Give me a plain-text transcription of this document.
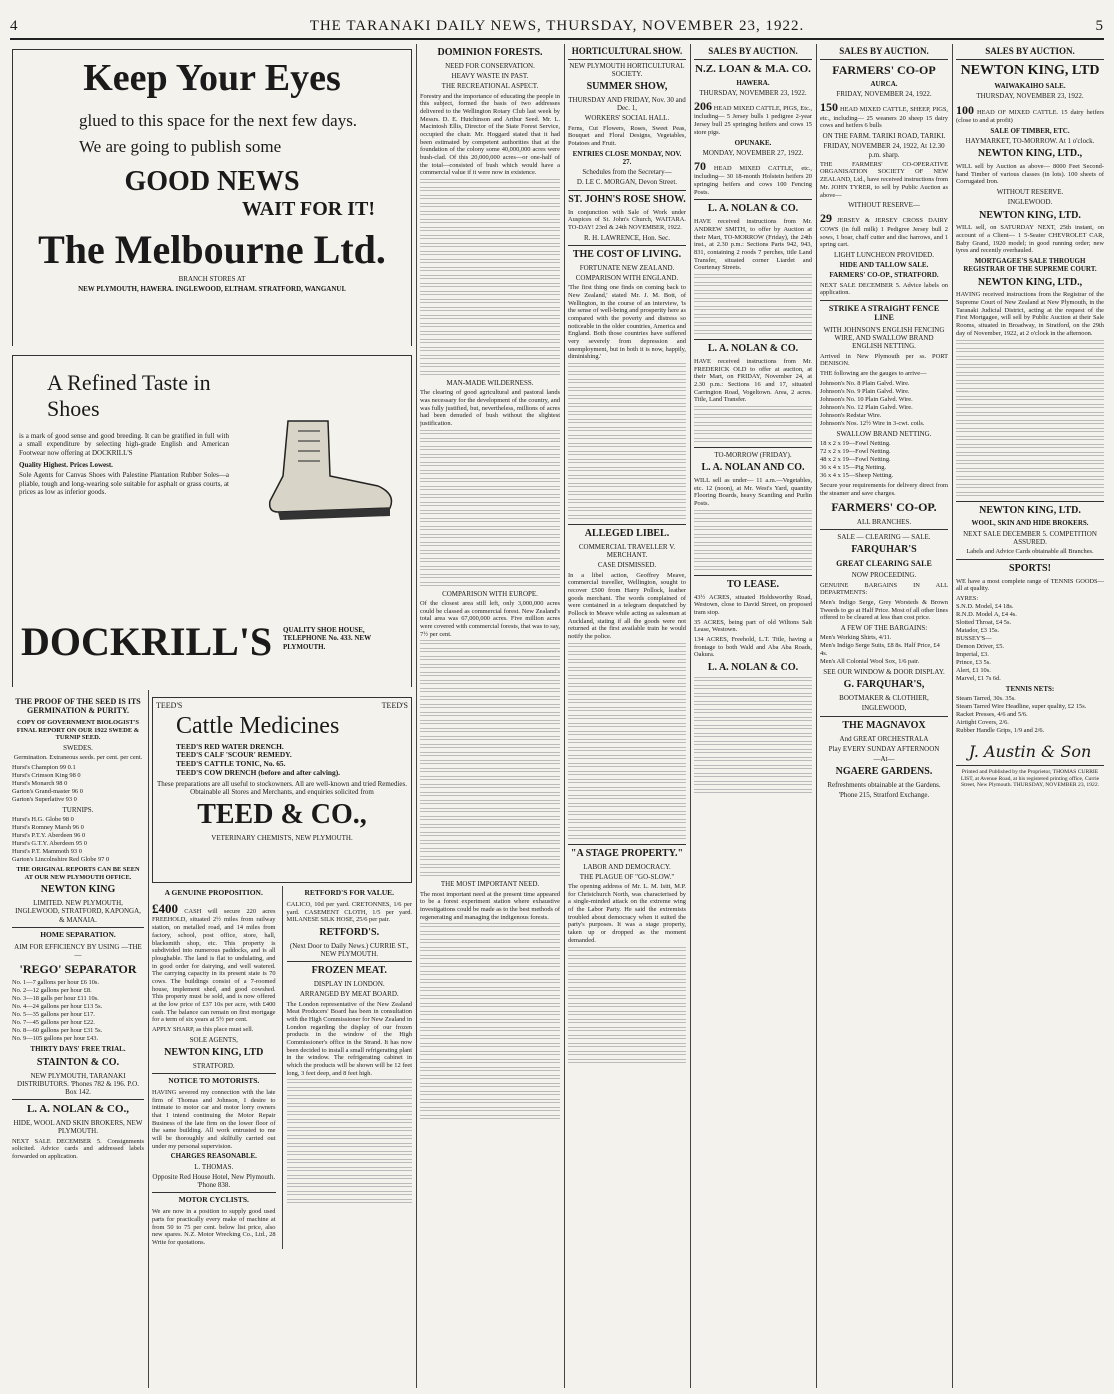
4	THE TARANAKI DAILY NEWS, THURSDAY, NOVEMBER 23, 1922.	5
Keep Your Eyes
glued to this space for the next few days.
We are going to publish some
GOOD NEWS
WAIT FOR IT!
The Melbourne Ltd.
BRANCH STORES AT
NEW PLYMOUTH, HAWERA. INGLEWOOD, ELTHAM. STRATFORD, WANGANUI.
A Refined Taste in Shoes
is a mark of good sense and good breeding. It can be gratified in full with a small expenditure by selecting high-grade English and American Footwear now offering at DOCKRILL'S
Quality Highest. Prices Lowest.
Sole Agents for Canvas Shoes with Palestine Plantation Rubber Soles—a pliable, tough and long-wearing sole suitable for asphalt or grass courts, at prices as low as inferior goods.
DOCKRILL'S QUALITY SHOE HOUSE, TELEPHONE No. 433. NEW PLYMOUTH.
THE PROOF OF THE SEED IS ITS GERMINATION & PURITY.
COPY OF GOVERNMENT BIOLOGIST'S FINAL REPORT ON OUR 1922 SWEDE & TURNIP SEED.
SWEDES.
Germination. Extraneous seeds. per cent. per cent.
Hurst's Champion 99 0.1
Hurst's Crimson King 98 0
Hurst's Monarch 98 0
Garton's Grand-master 96 0
Garton's Superlative 93 0
TURNIPS.
Hurst's H.G. Globe 98 0
Hurst's Romney Marsh 96 0
Hurst's P.T.Y. Aberdeen 96 0
Hurst's G.T.Y. Aberdeen 95 0
Hurst's P.T. Mammoth 93 0
Garton's Lincolnshire Red Globe 97 0
THE ORIGINAL REPORTS CAN BE SEEN AT OUR NEW PLYMOUTH OFFICE.
NEWTON KING
LIMITED. NEW PLYMOUTH, INGLEWOOD, STRATFORD, KAPONGA, & MANAIA.
HOME SEPARATION.
AIM FOR EFFICIENCY BY USING —THE—
'REGO' SEPARATOR
No. 1—7 gallons per hour £6 10s.
No. 2—12 gallons per hour £8.
No. 3—18 galls per hour £11 10s.
No. 4—24 gallons per hour £13 5s.
No. 5—35 gallons per hour £17.
No. 7—45 gallons per hour £22.
No. 8—60 gallons per hour £31 5s.
No. 9—105 gallons per hour £43.
THIRTY DAYS' FREE TRIAL.
STAINTON & CO.
NEW PLYMOUTH, TARANAKI DISTRIBUTORS. 'Phones 782 & 196. P.O. Box 142.
L. A. NOLAN & CO.,
HIDE, WOOL AND SKIN BROKERS, NEW PLYMOUTH.
NEXT SALE DECEMBER 5. Consignments solicited. Advice cards and addressed labels forwarded on application.
TEED'S	TEED'S
Cattle Medicines
TEED'S RED WATER DRENCH.
TEED'S CALF 'SCOUR' REMEDY.
TEED'S CATTLE TONIC, No. 65.
TEED'S COW DRENCH (before and after calving).
These preparations are all useful to stockowners. All are well-known and tried Remedies. Obtainable all Stores and Merchants, and enquiries solicited from
TEED & CO.,
VETERINARY CHEMISTS, NEW PLYMOUTH.
A GENUINE PROPOSITION.
£400 CASH will secure 220 acres FREEHOLD, situated 2½ miles from railway station, on metalled road, and 14 miles from factory, school, post office, store, hall, blacksmith shop, etc. This property is subdivided into numerous paddocks, and is all ploughable. The land is flat to undulating, and in good order for dairying, and well watered. The carrying capacity in its present state is 70 cows. The buildings consist of a 7-roomed house, implement shed, and good cowshed. This property must be sold, and is now offered at the low price of £37 10s per acre, with £400 cash. The balance can remain on first mortgage for a term of six years at 5½ per cent.
APPLY SHARP, as this place must sell.
SOLE AGENTS,
NEWTON KING, LTD
STRATFORD.
NOTICE TO MOTORISTS.
HAVING severed my connection with the late firm of Thomas and Johnson, I desire to intimate to motor car and motor lorry owners that I intend continuing the Motor Repair Business of the late firm on the lower floor of the same building. All work entrusted to me will be thoroughly and skilfully carried out under my personal supervision.
CHARGES REASONABLE.
L. THOMAS.
Opposite Red House Hotel, New Plymouth. 'Phone 838.
MOTOR CYCLISTS.
We are now in a position to supply good used parts for practically every make of machine at from 50 to 75 per cent. below list price, also new spares. N.Z. Motor Wrecking Co., Ltd., 28 Write for quotations.
RETFORD'S FOR VALUE.
CALICO, 10d per yard. CRETONNES, 1/6 per yard. CASEMENT CLOTH, 1/5 per yard. MILANESE SILK HOSE, 25/6 per pair.
RETFORD'S.
(Next Door to Daily News.) CURRIE ST., NEW PLYMOUTH.
FROZEN MEAT.
DISPLAY IN LONDON.
ARRANGED BY MEAT BOARD.
The London representative of the New Zealand Meat Producers' Board has been in consultation with the High Commissioner for New Zealand in London regarding the display of our frozen products in the window of the High Commissioner's office in the Strand. It has now been decided to install a small refrigerating plant in the window. The refrigerating cabinet in which the products will be shown will be 12 feet long, 3 feet deep, and 8 feet high.
DOMINION FORESTS.
NEED FOR CONSERVATION.
HEAVY WASTE IN PAST.
THE RECREATIONAL ASPECT.
Forestry and the importance of educating the people in this subject, formed the basis of two addresses delivered to the Wellington Rotary Club last week by Messrs. D. E. Hutchinson and Arthur Seed. Mr. L. Macintosh Ellis, Director of the State Forest Service, occupied the chair. Mr. Hoggard stated that it had been estimated by competent authorities that at the foundation of the colony some 40,000,000 acres were bush-clad. Of this 20,000,000 acres—or one-half of the total—consisted of bush which would have a commercial value if it were now in existence.
MAN-MADE WILDERNESS.
The clearing of good agricultural and pastoral lands was necessary for the development of the country, and was fully justified, but, nevertheless, millions of acres had been denuded of bush without the slightest justification.
COMPARISON WITH EUROPE.
Of the closest area still left, only 3,000,000 acres could be classed as commercial forest. New Zealand's total area was 67,000,000 acres. Five million acres were covered with commercial forests, that was to say, 7½ per cent.
THE MOST IMPORTANT NEED.
The most important need at the present time appeared to be a forest experiment station where exhaustive investigations could be made as to the best methods of regenerating and managing the indigenous forests.
HORTICULTURAL SHOW.
NEW PLYMOUTH HORTICULTURAL SOCIETY.
SUMMER SHOW,
THURSDAY AND FRIDAY, Nov. 30 and Dec. 1,
WORKERS' SOCIAL HALL.
Ferns, Cut Flowers, Roses, Sweet Peas, Bouquet and Floral Designs, Vegetables, Potatoes and Fruit.
ENTRIES CLOSE MONDAY, NOV. 27.
Schedules from the Secretary—
D. LE C. MORGAN, Devon Street.
ST. JOHN'S ROSE SHOW.
In conjunction with Sale of Work under Auspices of St. John's Church, WAITARA. TO-DAY! 23rd & 24th NOVEMBER, 1922.
R. H. LAWRENCE, Hon. Sec.
THE COST OF LIVING.
FORTUNATE NEW ZEALAND.
COMPARISON WITH ENGLAND.
'The first thing one finds on coming back to New Zealand,' stated Mr. J. M. Bott, of Wellington, in the course of an interview, 'is the sense of well-being and prosperity here as compared with the poverty and distress so noticeable in the older countries, America and England. Both those countries have suffered very severely from depression and unemployment, but in both it is now, happily, diminishing.'
ALLEGED LIBEL.
COMMERCIAL TRAVELLER V. MERCHANT.
CASE DISMISSED.
In a libel action, Geoffrey Meave, commercial traveller, Wellington, sought to recover £500 from Harry Pollock, leather goods merchant. The words complained of were contained in a telegram despatched by Pollock to Meave while acting as salesman at Auckland, stating if all the goods were not returned at the first available train he would notify the police.
"A STAGE PROPERTY."
LABOR AND DEMOCRACY.
THE PLAGUE OF "GO-SLOW."
The opening address of Mr. L. M. Isitt, M.P. for Christchurch North, was characterised by a single-minded attack on the extreme wing of the Labor Party. He said the extremists troubled about democracy when it suited the party's purposes. It was a stage property, taken up or dropped as the moment demanded.
SALES BY AUCTION.
N.Z. LOAN & M.A. CO.
HAWERA.
THURSDAY, NOVEMBER 23, 1922.
206 HEAD MIXED CATTLE, PIGS, Etc., including— 5 Jersey bulls 1 pedigree 2-year Jersey bull 25 springing heifers and cows 15 store pigs.
OPUNAKE.
MONDAY, NOVEMBER 27, 1922.
70 HEAD MIXED CATTLE, etc., including— 30 18-month Holstein heifers 20 springing heifers and cows 100 Fencing Posts.
L. A. NOLAN & CO.
HAVE received instructions from Mr. ANDREW SMITH, to offer by Auction at their Mart, TO-MORROW (Friday), the 24th inst., at 2.30 p.m.: Sections Parts 942, 943, 831, containing 2 roods 7 perches, title Land Transfer, situated corner Liardet and Courtenay Streets.
L. A. NOLAN & CO.
HAVE received instructions from Mr. FREDERICK OLD to offer at auction, at their Mart, on FRIDAY, November 24, at 2.30 p.m.: Sections 16 and 17, situated Carrington Road, Vogeltown. Area, 2 acres. Title, Land Transfer.
TO-MORROW (FRIDAY).
L. A. NOLAN AND CO.
WILL sell as under— 11 a.m.—Vegetables, etc. 12 (noon), at Mr. West's Yard, quantity Flooring Boards, heavy Scantling and Purlin Posts.
TO LEASE.
43½ ACRES, situated Holdsworthy Road, Westown, close to David Street, on proposed tram stop.
35 ACRES, being part of old Wiltons Salt Lease, Westown.
134 ACRES, Freehold, L.T. Title, having a frontage to both Wald and Aba Aba Roads, Oakura.
L. A. NOLAN & CO.
SALES BY AUCTION.
FARMERS' CO-OP
AURCA.
FRIDAY, NOVEMBER 24, 1922.
150 HEAD MIXED CATTLE, SHEEP, PIGS, etc., including— 25 weaners 20 sheep 15 dairy cows and heifers 6 bulls
ON THE FARM. TARIKI ROAD, TARIKI.
FRIDAY, NOVEMBER 24, 1922, At 12.30 p.m. sharp.
THE FARMERS' CO-OPERATIVE ORGANISATION SOCIETY OF NEW ZEALAND, Ltd., have received instructions from Mr. JOHN TYRER, to sell by Public Auction as above—
WITHOUT RESERVE—
29 JERSEY & JERSEY CROSS DAIRY COWS (in full milk) 1 Pedigree Jersey bull 2 sows, 1 boar, chaff cutter and disc harrows, and 1 spring cart.
LIGHT LUNCHEON PROVIDED.
HIDE AND TALLOW SALE.
FARMERS' CO-OP., STRATFORD.
NEXT SALE DECEMBER 5. Advice labels on application.
STRIKE A STRAIGHT FENCE LINE
WITH JOHNSON'S ENGLISH FENCING WIRE, AND SWALLOW BRAND ENGLISH NETTING.
Arrived in New Plymouth per ss. PORT DENISON.
THE following are the gauges to arrive—
Johnson's No. 8 Plain Galvd. Wire.
Johnson's No. 9 Plain Galvd. Wire.
Johnson's No. 10 Plain Galvd. Wire.
Johnson's No. 12 Plain Galvd. Wire.
Johnson's Redstar Wire.
Johnson's Nos. 12½ Wire in 3-cwt. coils.
SWALLOW BRAND NETTING.
18 x 2 x 19—Fowl Netting.
72 x 2 x 19—Fowl Netting.
48 x 2 x 19—Fowl Netting.
36 x 4 x 15—Pig Netting.
36 x 4 x 15—Sheep Netting.
Secure your requirements for delivery direct from the steamer and save charges.
FARMERS' CO-OP.
ALL BRANCHES.
SALE — CLEARING — SALE.
FARQUHAR'S
GREAT CLEARING SALE
NOW PROCEEDING.
GENUINE BARGAINS IN ALL DEPARTMENTS:
Men's Indigo Serge, Grey Worsteds & Brown Tweeds to go at Half Price. Most of all other lines offered to be cleared at less than cost price.
A FEW OF THE BARGAINS:
Men's Working Shirts, 4/11.
Men's Indigo Serge Suits, £8 8s. Half Price, £4 4s.
Men's All Colonial Wool Sox, 1/6 pair.
SEE OUR WINDOW & DOOR DISPLAY.
G. FARQUHAR'S,
BOOTMAKER & CLOTHIER,
INGLEWOOD,
THE MAGNAVOX
And GREAT ORCHESTRALA
Play EVERY SUNDAY AFTERNOON
—At—
NGAERE GARDENS.
Refreshments obtainable at the Gardens.
'Phone 215, Stratford Exchange.
SALES BY AUCTION.
NEWTON KING, LTD
WAIWAKAIHO SALE.
THURSDAY, NOVEMBER 23, 1922.
100 HEAD OF MIXED CATTLE. 15 dairy heifers (close to and at profit)
SALE OF TIMBER, ETC.
HAYMARKET, TO-MORROW. At 1 o'clock.
NEWTON KING, LTD.,
WILL sell by Auction as above— 8000 Feet Second-hand Timber of various classes (in lots). 100 sheets of Corrugated Iron.
WITHOUT RESERVE.
INGLEWOOD.
NEWTON KING, LTD.
WILL sell, on SATURDAY NEXT, 25th instant, on account of a Client— 1 5-Seater CHEVROLET CAR, Baby Grand, 1920 model; in good running order; new tyres and recently overhauled.
MORTGAGEE'S SALE THROUGH REGISTRAR OF THE SUPREME COURT.
NEWTON KING, LTD.,
HAVING received instructions from the Registrar of the Supreme Court of New Zealand at New Plymouth, in the Taranaki Judicial District, acting at the request of the First Mortgagee, will sell by Public Auction at their Sale Rooms, situated in Broadway, in Stratford, on the 29th day of November, 1922, at 2 o'clock in the afternoon.
NEWTON KING, LTD.
WOOL, SKIN AND HIDE BROKERS.
NEXT SALE DECEMBER 5. COMPETITION ASSURED.
Labels and Advice Cards obtainable all Branches.
SPORTS!
WE have a most complete range of TENNIS GOODS—all at quality.
AYRES:
S.N.D. Model, £4 18s.
R.N.D. Model A, £4 4s.
Slotted Throat, £4 5s.
Matador, £3 15s.
BUSSEY'S—
Demon Driver, £5.
Imperial, £3.
Prince, £3 5s.
Alert, £1 10s.
Marvel, £1 7s 6d.
TENNIS NETS:
Steam Tarred, 30s. 35s.
Steam Tarred Wire Headline, super quality, £2 15s.
Racket Presses, 4/6 and 5/6.
Airtight Covers, 2/6.
Rubber Handle Grips, 1/9 and 2/6.
J. Austin & Son
Printed and Published by the Proprietor, THOMAS CURRIE LIST, at Avenue Road, at his registered printing office, Currie Street, New Plymouth. THURSDAY, NOVEMBER 23, 1922.
